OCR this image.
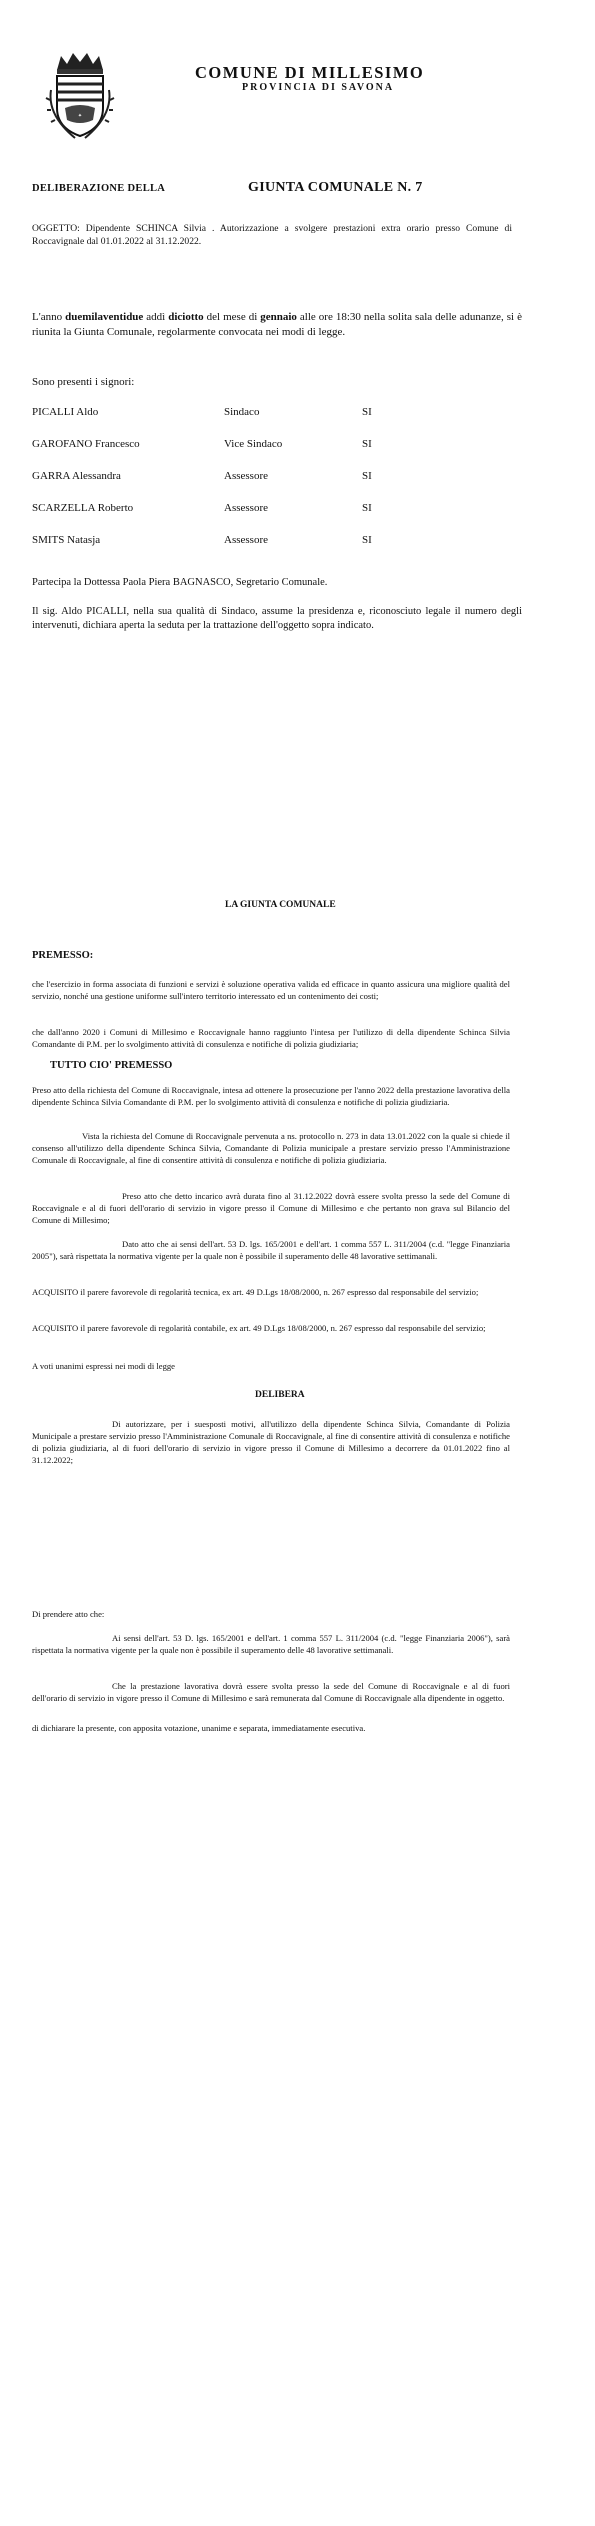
✦
COMUNE DI MILLESIMO
PROVINCIA DI SAVONA
DELIBERAZIONE DELLA	GIUNTA COMUNALE N. 7
OGGETTO: Dipendente SCHINCA Silvia . Autorizzazione a svolgere prestazioni extra orario presso Comune di Roccavignale dal 01.01.2022 al 31.12.2022.
L'anno duemilaventidue addì diciotto del mese di gennaio alle ore 18:30 nella solita sala delle adunanze, si è riunita la Giunta Comunale, regolarmente convocata nei modi di legge.
Sono presenti i signori:
PICALLI Aldo	Sindaco	SI
GAROFANO Francesco	Vice Sindaco	SI
GARRA Alessandra	Assessore	SI
SCARZELLA Roberto	Assessore	SI
SMITS Natasja	Assessore	SI
Partecipa la Dottessa Paola Piera BAGNASCO, Segretario Comunale.
Il sig. Aldo PICALLI, nella sua qualità di Sindaco, assume la presidenza e, riconosciuto legale il numero degli intervenuti, dichiara aperta la seduta per la trattazione dell'oggetto sopra indicato.
LA GIUNTA COMUNALE
PREMESSO:
che l'esercizio in forma associata di funzioni e servizi è soluzione operativa valida ed efficace in quanto assicura una migliore qualità del servizio, nonché una gestione uniforme sull'intero territorio interessato ed un contenimento dei costi;
che dall'anno 2020 i Comuni di Millesimo e Roccavignale hanno raggiunto l'intesa per l'utilizzo di della dipendente Schinca Silvia Comandante di P.M. per lo svolgimento attività di consulenza e notifiche di polizia giudiziaria;
TUTTO CIO' PREMESSO
Preso atto della richiesta del Comune di Roccavignale, intesa ad ottenere la prosecuzione per l'anno 2022 della prestazione lavorativa della dipendente Schinca Silvia Comandante di P.M. per lo svolgimento attività di consulenza e notifiche di polizia giudiziaria.
Vista la richiesta del Comune di Roccavignale pervenuta a ns. protocollo n. 273 in data 13.01.2022 con la quale si chiede il consenso all'utilizzo della dipendente Schinca Silvia, Comandante di Polizia municipale a prestare servizio presso l'Amministrazione Comunale di Roccavignale, al fine di consentire attività di consulenza e notifiche di polizia giudiziaria.
Preso atto che detto incarico avrà durata fino al 31.12.2022 dovrà essere svolta presso la sede del Comune di Roccavignale e al di fuori dell'orario di servizio in vigore presso il Comune di Millesimo e che pertanto non grava sul Bilancio del Comune di Millesimo;
Dato atto che ai sensi dell'art. 53 D. lgs. 165/2001 e dell'art. 1 comma 557 L. 311/2004 (c.d. "legge Finanziaria 2005"), sarà rispettata la normativa vigente per la quale non è possibile il superamento delle 48 lavorative settimanali.
ACQUISITO il parere favorevole di regolarità tecnica, ex art. 49 D.Lgs 18/08/2000, n. 267 espresso dal responsabile del servizio;
ACQUISITO il parere favorevole di regolarità contabile, ex art. 49 D.Lgs 18/08/2000, n. 267 espresso dal responsabile del servizio;
A voti unanimi espressi nei modi di legge
DELIBERA
Di autorizzare, per i suesposti motivi, all'utilizzo della dipendente Schinca Silvia, Comandante di Polizia Municipale a prestare servizio presso l'Amministrazione Comunale di Roccavignale, al fine di consentire attività di consulenza e notifiche di polizia giudiziaria, al di fuori dell'orario di servizio in vigore presso il Comune di Millesimo a decorrere da 01.01.2022 fino al 31.12.2022;
Di prendere atto che:
Ai sensi dell'art. 53 D. lgs. 165/2001 e dell'art. 1 comma 557 L. 311/2004 (c.d. "legge Finanziaria 2006"), sarà rispettata la normativa vigente per la quale non è possibile il superamento delle 48 lavorative settimanali.
Che la prestazione lavorativa dovrà essere svolta presso la sede del Comune di Roccavignale e al di fuori dell'orario di servizio in vigore presso il Comune di Millesimo e sarà remunerata dal Comune di Roccavignale alla dipendente in oggetto.
di dichiarare la presente, con apposita votazione, unanime e separata, immediatamente esecutiva.
